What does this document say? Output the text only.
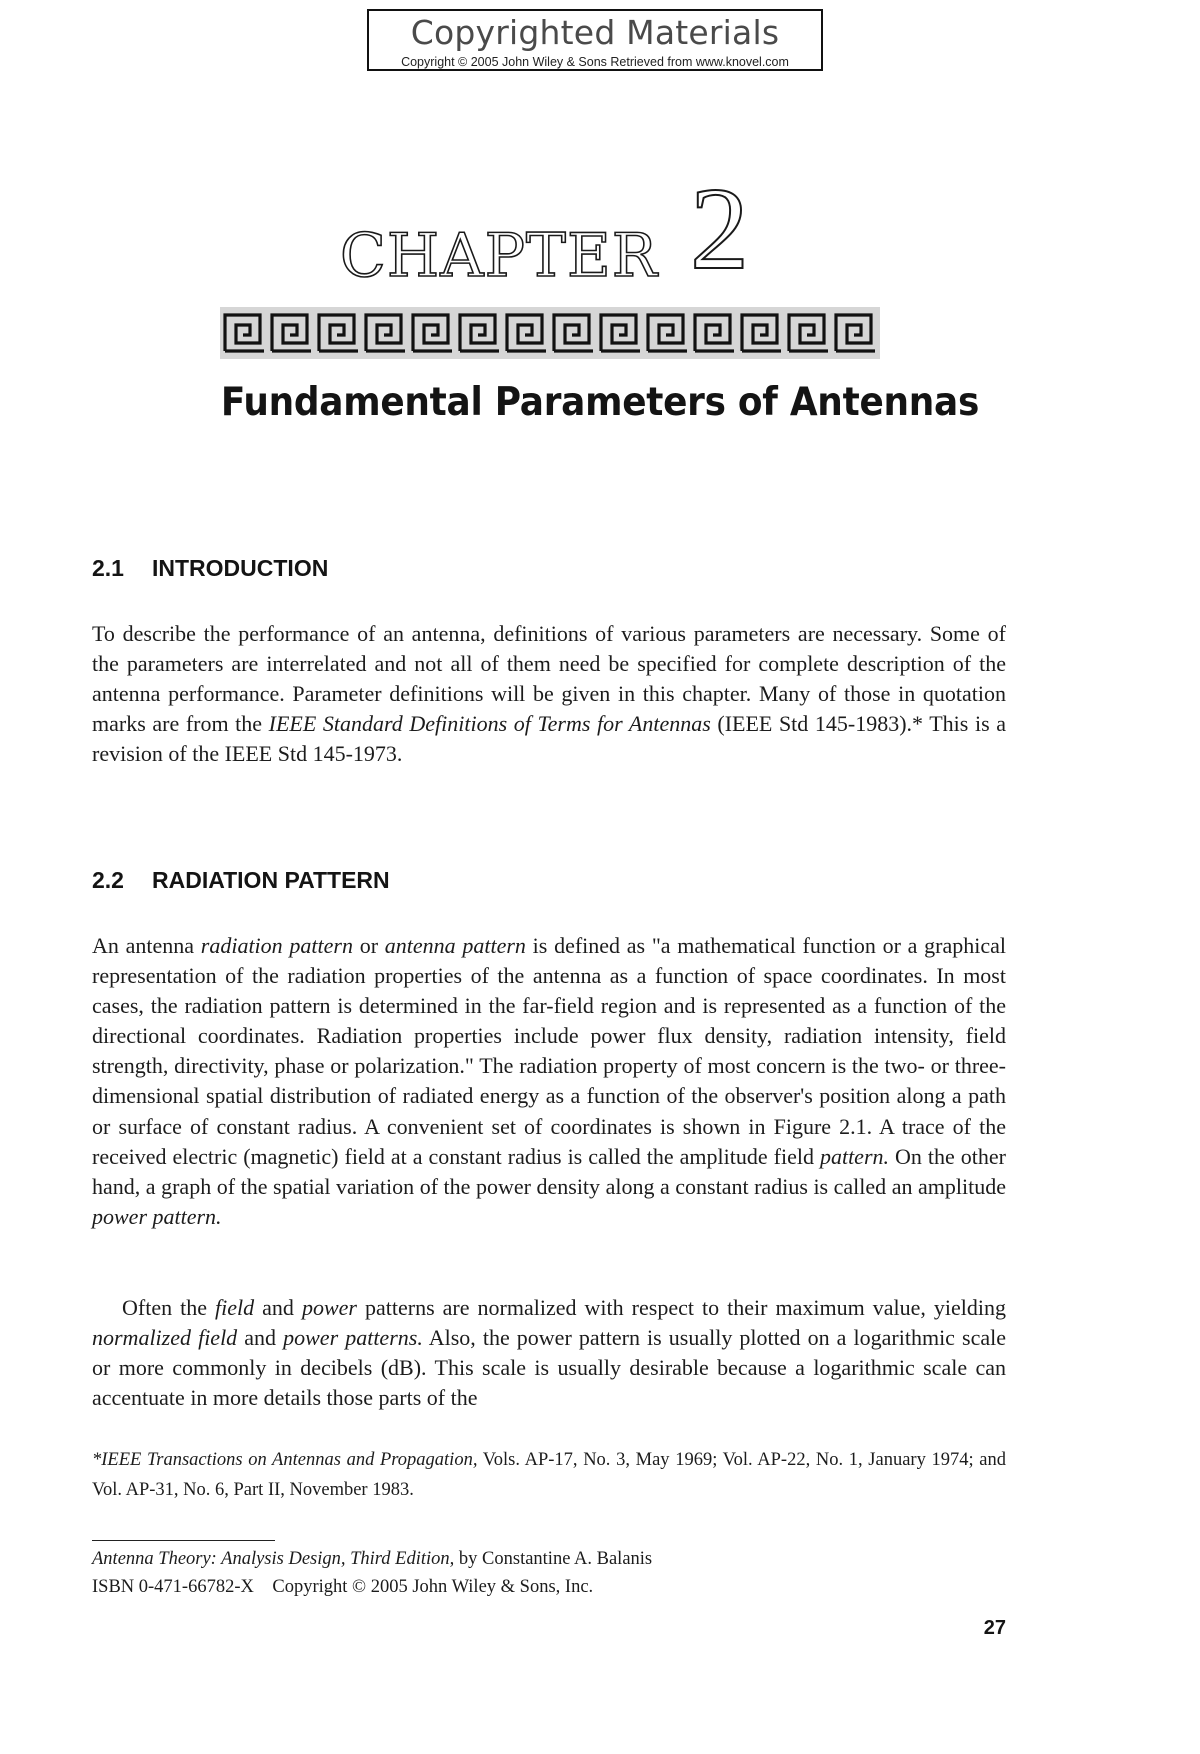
Copyrighted Materials
Copyright © 2005 John Wiley & Sons Retrieved from www.knovel.com
CHAPTER 2
Fundamental Parameters of Antennas
2.1 INTRODUCTION

To describe the performance of an antenna, definitions of various parameters are necessary. Some of the parameters are interrelated and not all of them need be specified for complete description of the antenna performance. Parameter definitions will be given in this chapter. Many of those in quotation marks are from the IEEE Standard Definitions of Terms for Antennas (IEEE Std 145-1983).* This is a revision of the IEEE Std 145-1973.

2.2 RADIATION PATTERN

An antenna radiation pattern or antenna pattern is defined as "a mathematical function or a graphical representation of the radiation properties of the antenna as a function of space coordinates. In most cases, the radiation pattern is determined in the far-field region and is represented as a function of the directional coordinates. Radiation properties include power flux density, radiation intensity, field strength, directivity, phase or polarization." The radiation property of most concern is the two- or three-dimensional spatial distribution of radiated energy as a function of the observer's position along a path or surface of constant radius. A convenient set of coordinates is shown in Figure 2.1. A trace of the received electric (magnetic) field at a constant radius is called the amplitude field pattern. On the other hand, a graph of the spatial variation of the power density along a constant radius is called an amplitude power pattern.

Often the field and power patterns are normalized with respect to their maximum value, yielding normalized field and power patterns. Also, the power pattern is usually plotted on a logarithmic scale or more commonly in decibels (dB). This scale is usually desirable because a logarithmic scale can accentuate in more details those parts of the

*IEEE Transactions on Antennas and Propagation, Vols. AP-17, No. 3, May 1969; Vol. AP-22, No. 1, January 1974; and Vol. AP-31, No. 6, Part II, November 1983.

Antenna Theory: Analysis Design, Third Edition, by Constantine A. Balanis
ISBN 0-471-66782-X    Copyright © 2005 John Wiley & Sons, Inc.

27
